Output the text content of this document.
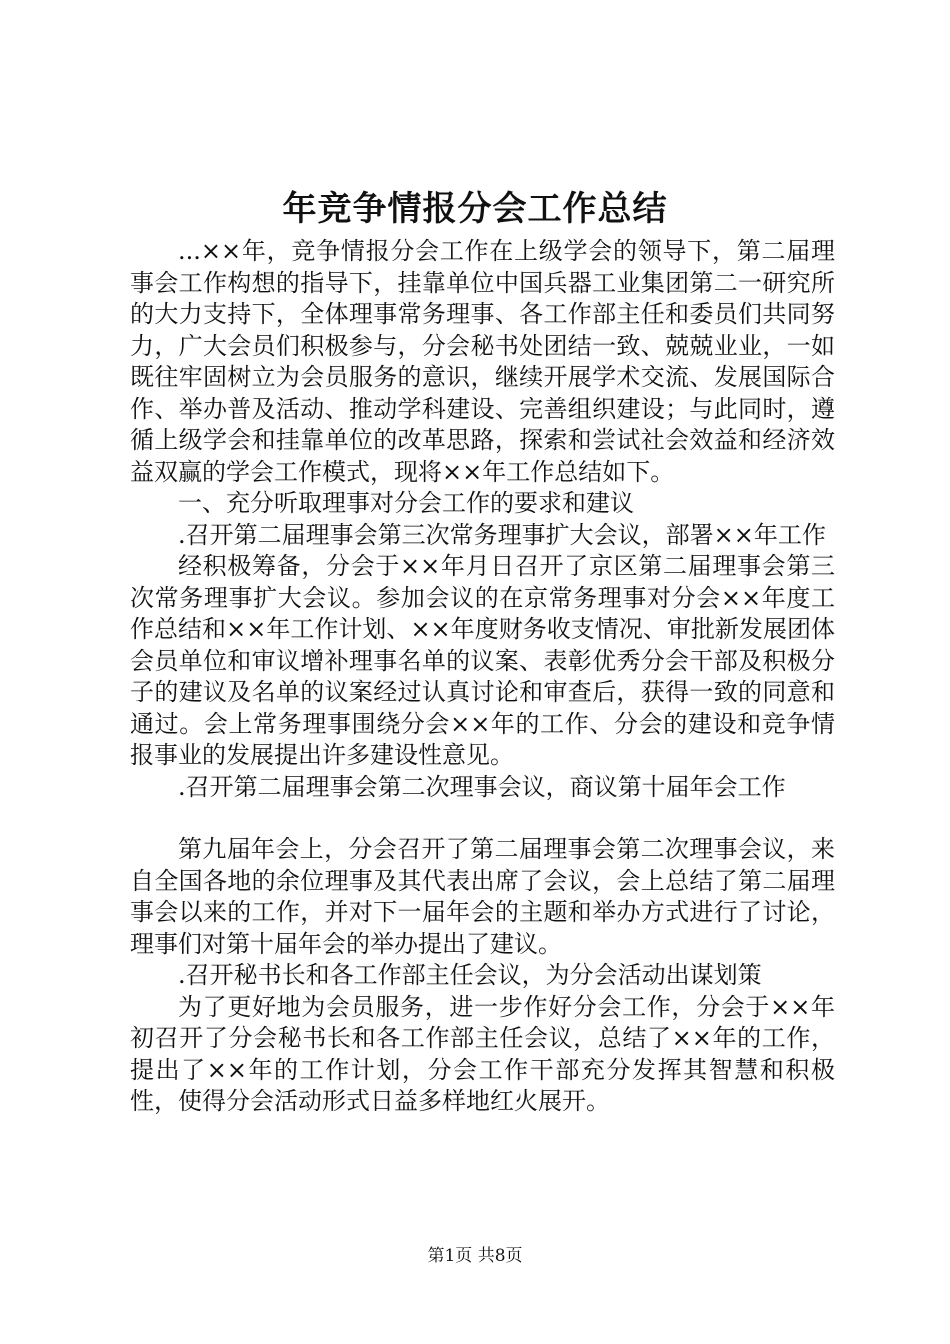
年竞争情报分会工作总结

...××年，竞争情报分会工作在上级学会的领导下，第二届理事会工作构想的指导下，挂靠单位中国兵器工业集团第二一研究所的大力支持下，全体理事常务理事、各工作部主任和委员们共同努力，广大会员们积极参与，分会秘书处团结一致、兢兢业业，一如既往牢固树立为会员服务的意识，继续开展学术交流、发展国际合作、举办普及活动、推动学科建设、完善组织建设；与此同时，遵循上级学会和挂靠单位的改革思路，探索和尝试社会效益和经济效益双赢的学会工作模式，现将××年工作总结如下。

一、充分听取理事对分会工作的要求和建议

.召开第二届理事会第三次常务理事扩大会议，部署××年工作

经积极筹备，分会于××年月日召开了京区第二届理事会第三次常务理事扩大会议。参加会议的在京常务理事对分会××年度工作总结和××年工作计划、××年度财务收支情况、审批新发展团体会员单位和审议增补理事名单的议案、表彰优秀分会干部及积极分子的建议及名单的议案经过认真讨论和审查后，获得一致的同意和通过。会上常务理事围绕分会××年的工作、分会的建设和竞争情报事业的发展提出许多建设性意见。

.召开第二届理事会第二次理事会议，商议第十届年会工作

第九届年会上，分会召开了第二届理事会第二次理事会议，来自全国各地的余位理事及其代表出席了会议，会上总结了第二届理事会以来的工作，并对下一届年会的主题和举办方式进行了讨论，理事们对第十届年会的举办提出了建议。

.召开秘书长和各工作部主任会议，为分会活动出谋划策

为了更好地为会员服务，进一步作好分会工作，分会于××年初召开了分会秘书长和各工作部主任会议，总结了××年的工作，提出了××年的工作计划，分会工作干部充分发挥其智慧和积极性，使得分会活动形式日益多样地红火展开。

第1页 共8页
